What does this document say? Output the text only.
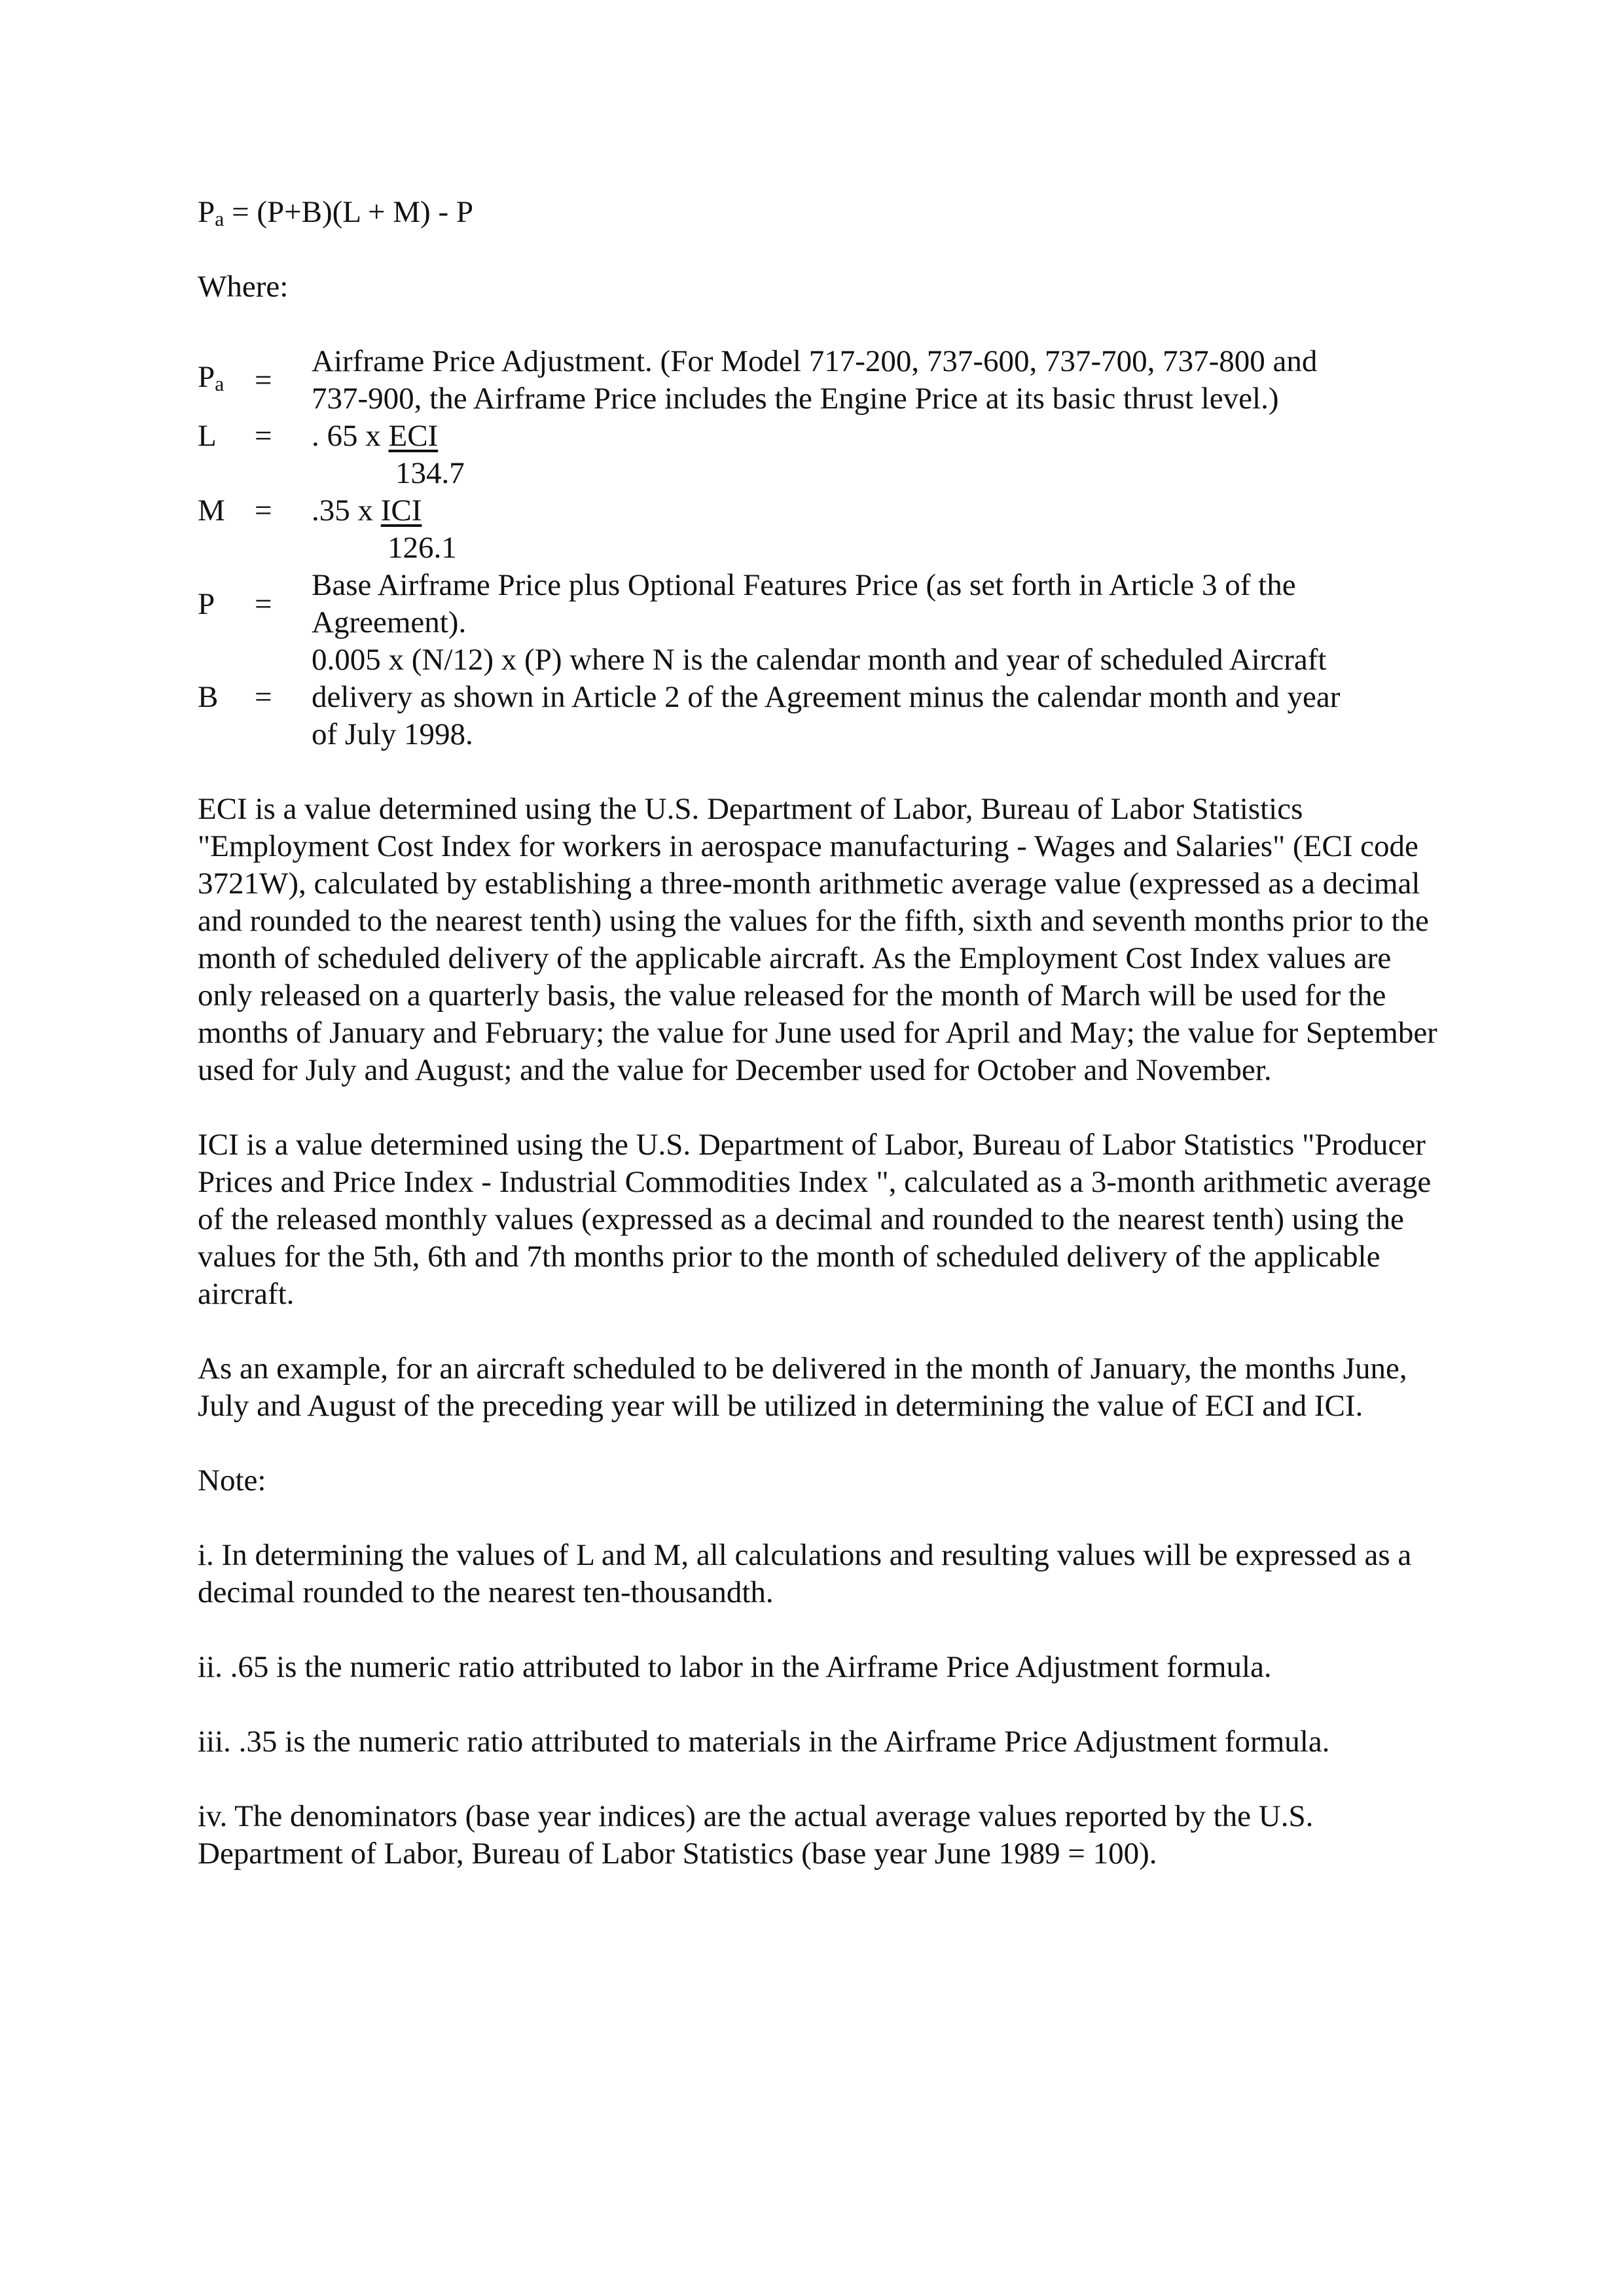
Pa = (P+B)(L + M) - P
Where:
Pa =
Airframe Price Adjustment. (For Model 717-200, 737-600, 737-700, 737-800 and 737-900, the Airframe Price includes the Engine Price at its basic thrust level.)
L	=	. 65 x ECI
134.7
M =	.35 x ICI
126.1
P	=
Base Airframe Price plus Optional Features Price (as set forth in Article 3 of the Agreement).
B	=
0.005 x (N/12) x (P) where N is the calendar month and year of scheduled Aircraft delivery as shown in Article 2 of the Agreement minus the calendar month and year of July 1998.

ECI is a value determined using the U.S. Department of Labor, Bureau of Labor Statistics "Employment Cost Index for workers in aerospace manufacturing - Wages and Salaries" (ECI code 3721W), calculated by establishing a three-month arithmetic average value (expressed as a decimal and rounded to the nearest tenth) using the values for the fifth, sixth and seventh months prior to the month of scheduled delivery of the applicable aircraft. As the Employment Cost Index values are only released on a quarterly basis, the value released for the month of March will be used for the months of January and February; the value for June used for April and May; the value for September used for July and August; and the value for December used for October and November.

ICI is a value determined using the U.S. Department of Labor, Bureau of Labor Statistics "Producer Prices and Price Index - Industrial Commodities Index ", calculated as a 3-month arithmetic average of the released monthly values (expressed as a decimal and rounded to the nearest tenth) using the values for the 5th, 6th and 7th months prior to the month of scheduled delivery of the applicable aircraft.

As an example, for an aircraft scheduled to be delivered in the month of January, the months June, July and August of the preceding year will be utilized in determining the value of ECI and ICI.

Note:

i. In determining the values of L and M, all calculations and resulting values will be expressed as a decimal rounded to the nearest ten-thousandth.

ii. .65 is the numeric ratio attributed to labor in the Airframe Price Adjustment formula.

iii. .35 is the numeric ratio attributed to materials in the Airframe Price Adjustment formula.

iv. The denominators (base year indices) are the actual average values reported by the U.S. Department of Labor, Bureau of Labor Statistics (base year June 1989 = 100).
